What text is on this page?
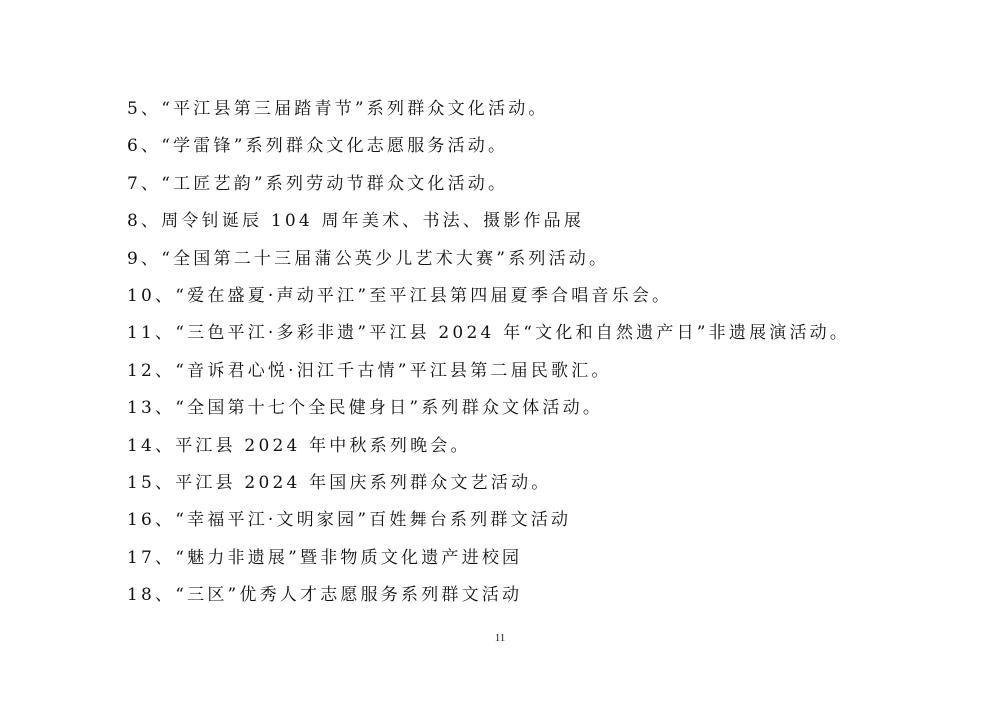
5、“平江县第三届踏青节”系列群众文化活动。
6、“学雷锋”系列群众文化志愿服务活动。
7、“工匠艺韵”系列劳动节群众文化活动。
8、周令钊诞辰 104 周年美术、书法、摄影作品展
9、“全国第二十三届蒲公英少儿艺术大赛”系列活动。
10、“爱在盛夏·声动平江”至平江县第四届夏季合唱音乐会。
11、“三色平江·多彩非遗”平江县 2024 年“文化和自然遗产日”非遗展演活动。
12、“音诉君心悦·汨江千古情”平江县第二届民歌汇。
13、“全国第十七个全民健身日”系列群众文体活动。
14、平江县 2024 年中秋系列晚会。
15、平江县 2024 年国庆系列群众文艺活动。
16、“幸福平江·文明家园”百姓舞台系列群文活动
17、“魅力非遗展”暨非物质文化遗产进校园
18、“三区”优秀人才志愿服务系列群文活动
11
